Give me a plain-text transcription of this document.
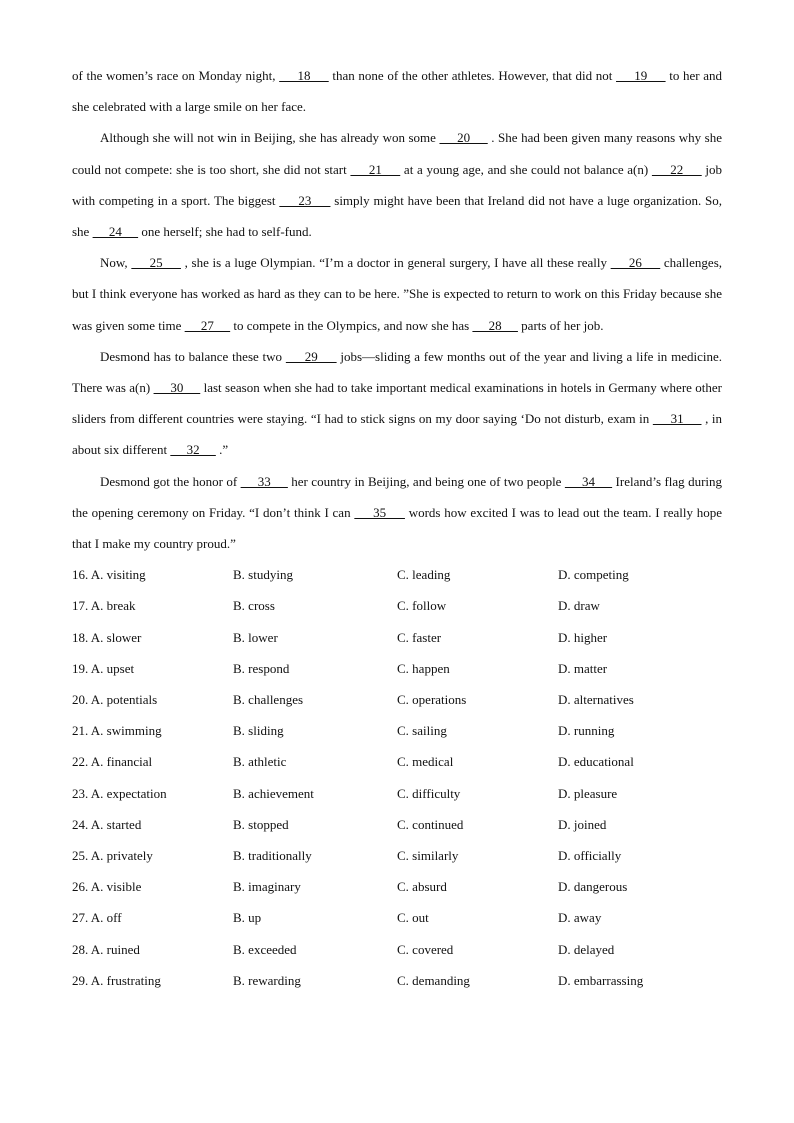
of the women’s race on Monday night,      18      than none of the other athletes. However, that did not      19      to her and she celebrated with a large smile on her face.

Although she will not win in Beijing, she has already won some      20      . She had been given many reasons why she could not compete: she is too short, she did not start      21      at a young age, and she could not balance a(n)      22      job with competing in a sport. The biggest      23      simply might have been that Ireland did not have a luge organization. So, she      24      one herself; she had to self-fund.

Now,      25      , she is a luge Olympian. “I’m a doctor in general surgery, I have all these really      26      challenges, but I think everyone has worked as hard as they can to be here. ”She is expected to return to work on this Friday because she was given some time      27      to compete in the Olympics, and now she has      28      parts of her job.

Desmond has to balance these two      29      jobs—sliding a few months out of the year and living a life in medicine. There was a(n)      30      last season when she had to take important medical examinations in hotels in Germany where other sliders from different countries were staying. “I had to stick signs on my door saying ‘Do not disturb, exam in      31      , in about six different      32      .”

Desmond got the honor of      33      her country in Beijing, and being one of two people      34      Ireland’s flag during the opening ceremony on Friday. “I don’t think I can      35      words how excited I was to lead out the team. I really hope that I make my country proud.”

16. A. visiting	B. studying	C. leading	D. competing
17. A. break	B. cross	C. follow	D. draw
18. A. slower	B. lower	C. faster	D. higher
19. A. upset	B. respond	C. happen	D. matter
20. A. potentials	B. challenges	C. operations	D. alternatives
21. A. swimming	B. sliding	C. sailing	D. running
22. A. financial	B. athletic	C. medical	D. educational
23. A. expectation	B. achievement	C. difficulty	D. pleasure
24. A. started	B. stopped	C. continued	D. joined
25. A. privately	B. traditionally	C. similarly	D. officially
26. A. visible	B. imaginary	C. absurd	D. dangerous
27. A. off	B. up	C. out	D. away
28. A. ruined	B. exceeded	C. covered	D. delayed
29. A. frustrating	B. rewarding	C. demanding	D. embarrassing
